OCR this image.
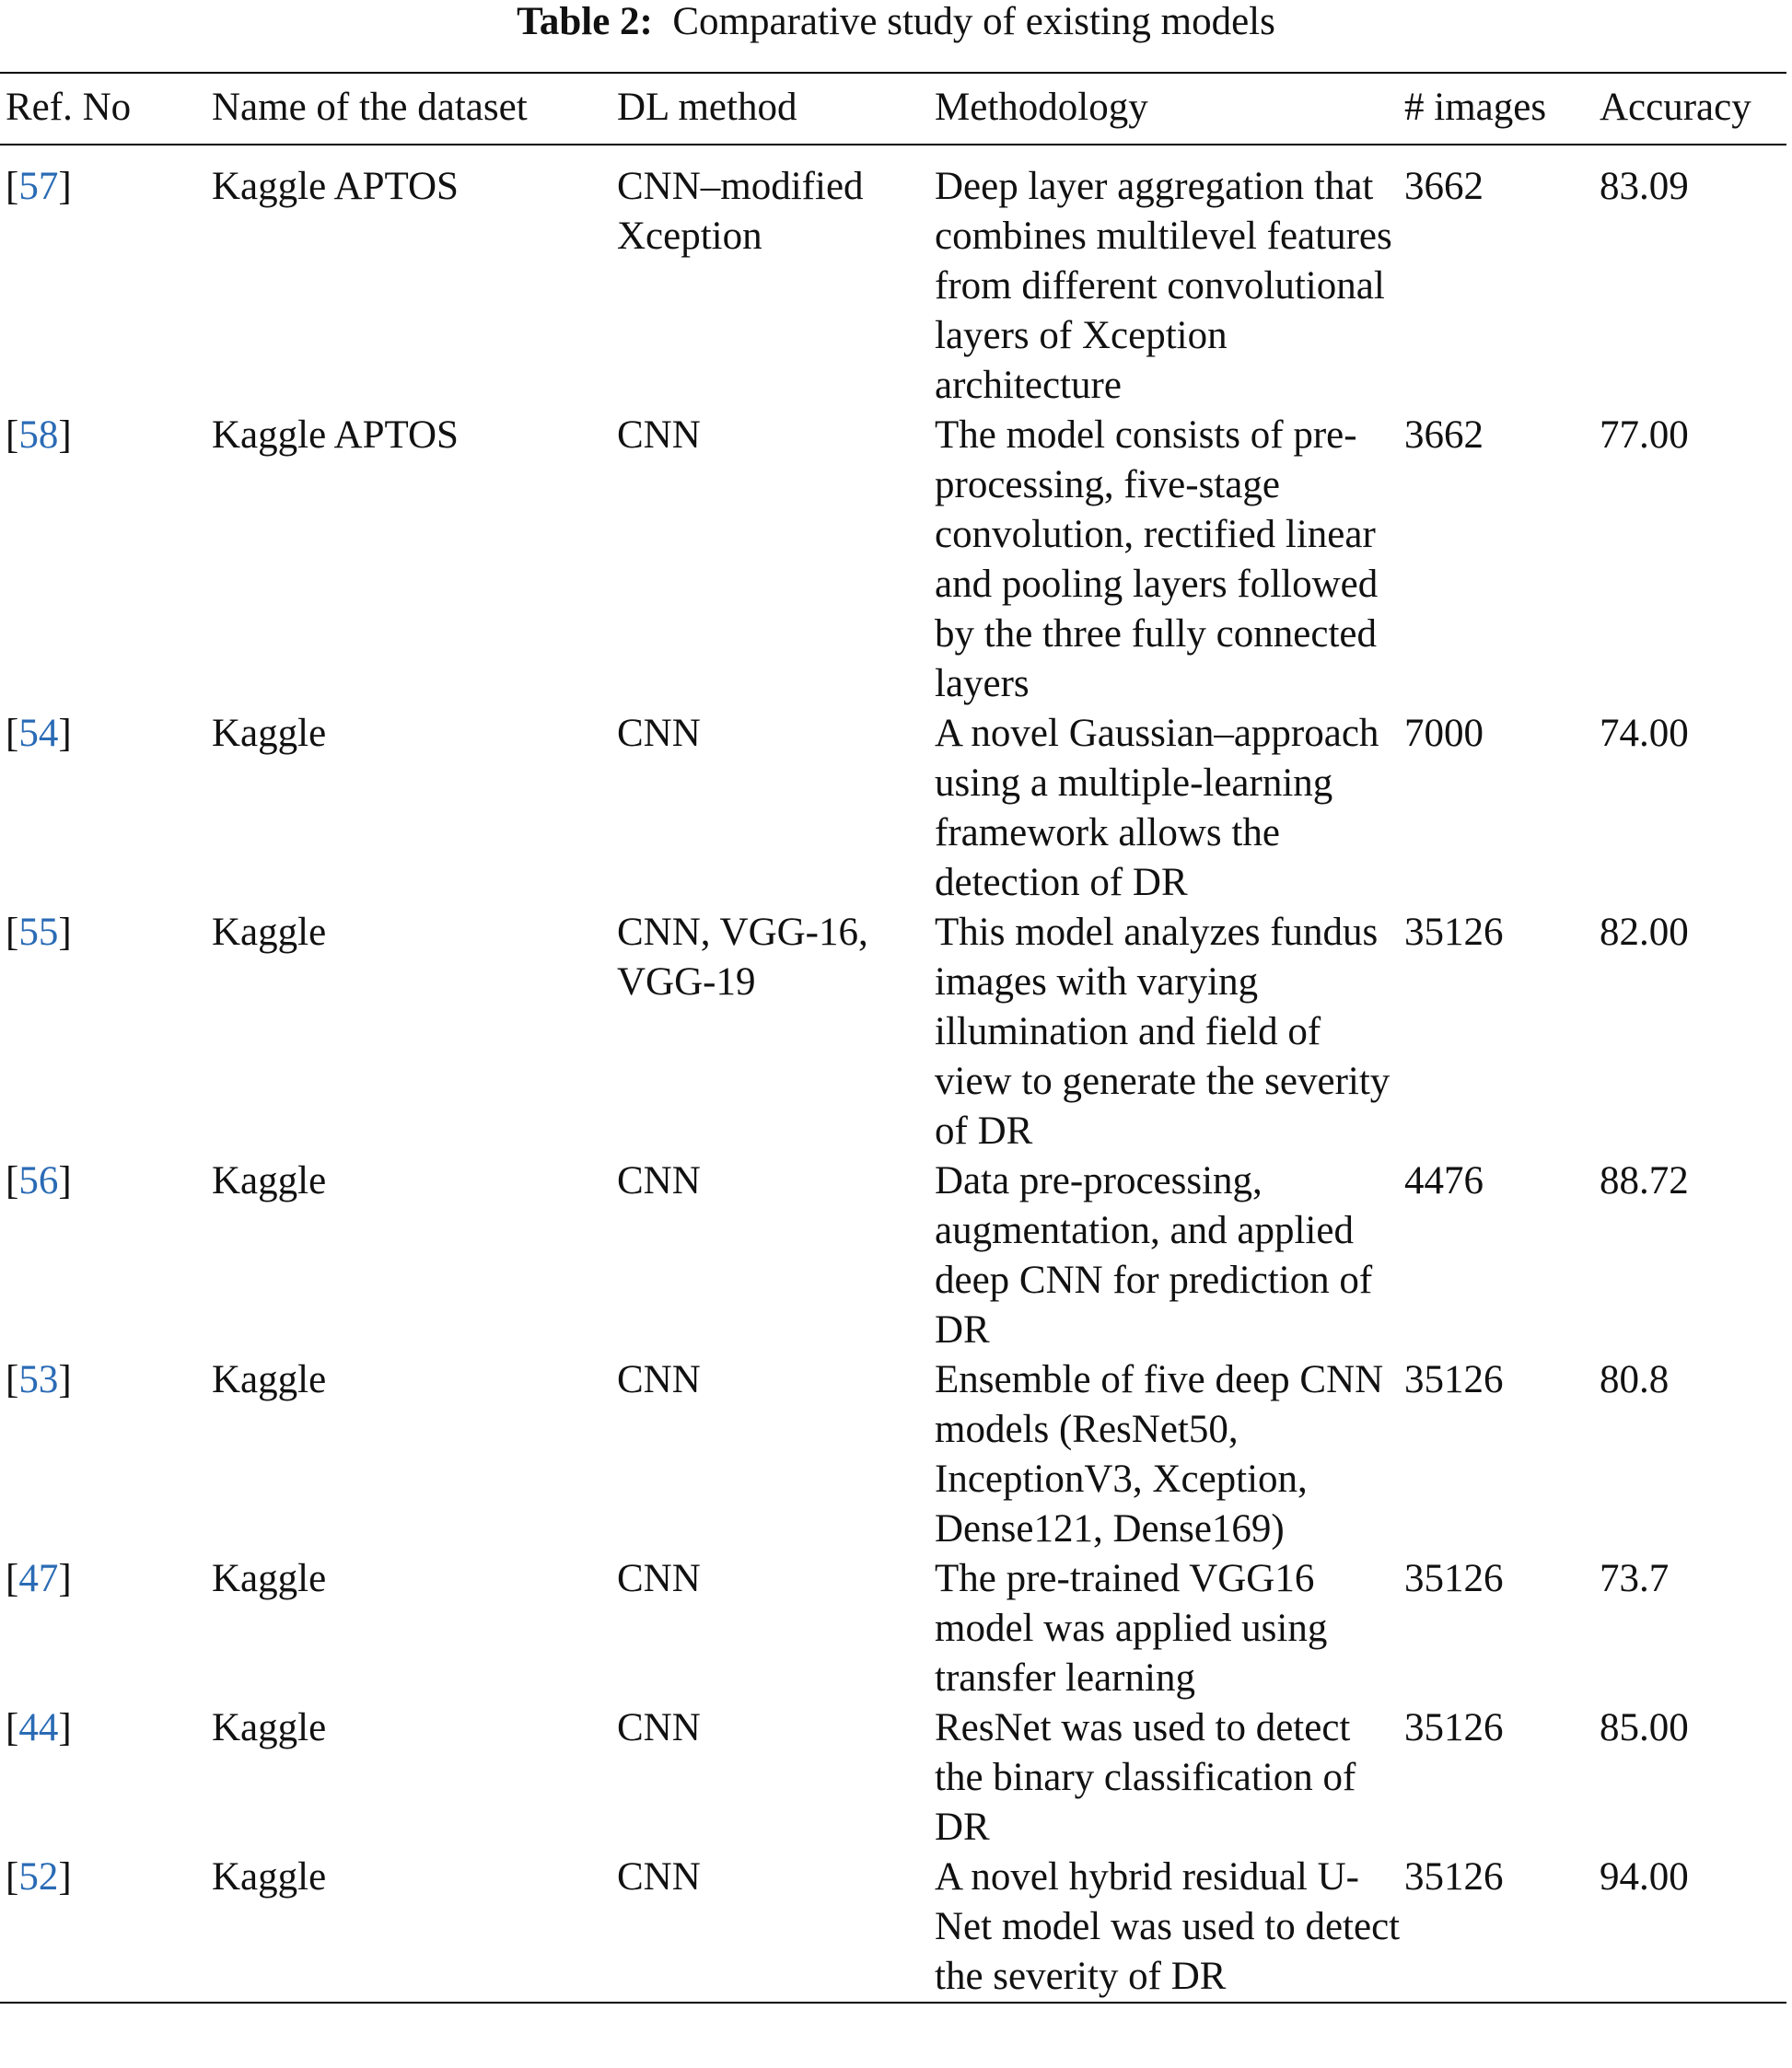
Table 2: Comparative study of existing models
Ref. No	Name of the dataset	DL method	Methodology	# images	Accuracy
[57]	Kaggle APTOS	CNN–modified Xception	Deep layer aggregation that combines multilevel features from different convolutional layers of Xception architecture	3662	83.09
[58]	Kaggle APTOS	CNN	The model consists of pre-processing, five-stage convolution, rectified linear and pooling layers followed by the three fully connected layers	3662	77.00
[54]	Kaggle	CNN	A novel Gaussian–approach using a multiple-learning framework allows the detection of DR	7000	74.00
[55]	Kaggle	CNN, VGG-16, VGG-19	This model analyzes fundus images with varying illumination and field of view to generate the severity of DR	35126	82.00
[56]	Kaggle	CNN	Data pre-processing, augmentation, and applied deep CNN for prediction of DR	4476	88.72
[53]	Kaggle	CNN	Ensemble of five deep CNN models (ResNet50, InceptionV3, Xception, Dense121, Dense169)	35126	80.8
[47]	Kaggle	CNN	The pre-trained VGG16 model was applied using transfer learning	35126	73.7
[44]	Kaggle	CNN	ResNet was used to detect the binary classification of DR	35126	85.00
[52]	Kaggle	CNN	A novel hybrid residual U-Net model was used to detect the severity of DR	35126	94.00
